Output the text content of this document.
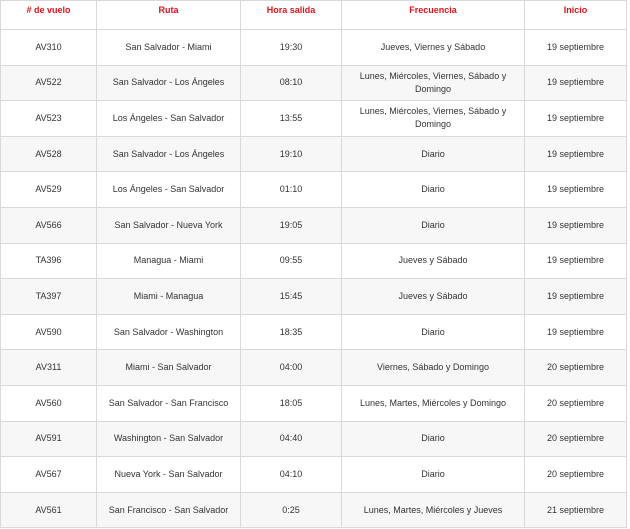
# de vuelo	Ruta	Hora salida	Frecuencia	Inicio
AV310	San Salvador - Miami	19:30	Jueves, Viernes y Sábado	19 septiembre
AV522	San Salvador - Los Ángeles	08:10	Lunes, Miércoles, Viernes, Sábado y Domingo	19 septiembre
AV523	Los Ángeles - San Salvador	13:55	Lunes, Miércoles, Viernes, Sábado y Domingo	19 septiembre
AV528	San Salvador - Los Ángeles	19:10	Diario	19 septiembre
AV529	Los Ángeles - San Salvador	01:10	Diario	19 septiembre
AV566	San Salvador - Nueva York	19:05	Diario	19 septiembre
TA396	Managua - Miami	09:55	Jueves y Sábado	19 septiembre
TA397	Miami - Managua	15:45	Jueves y Sábado	19 septiembre
AV590	San Salvador - Washington	18:35	Diario	19 septiembre
AV311	Miami - San Salvador	04:00	Viernes, Sábado y Domingo	20 septiembre
AV560	San Salvador - San Francisco	18:05	Lunes, Martes, Miércoles y Domingo	20 septiembre
AV591	Washington - San Salvador	04:40	Diario	20 septiembre
AV567	Nueva York - San Salvador	04:10	Diario	20 septiembre
AV561	San Francisco - San Salvador	0:25	Lunes, Martes, Miércoles y Jueves	21 septiembre
